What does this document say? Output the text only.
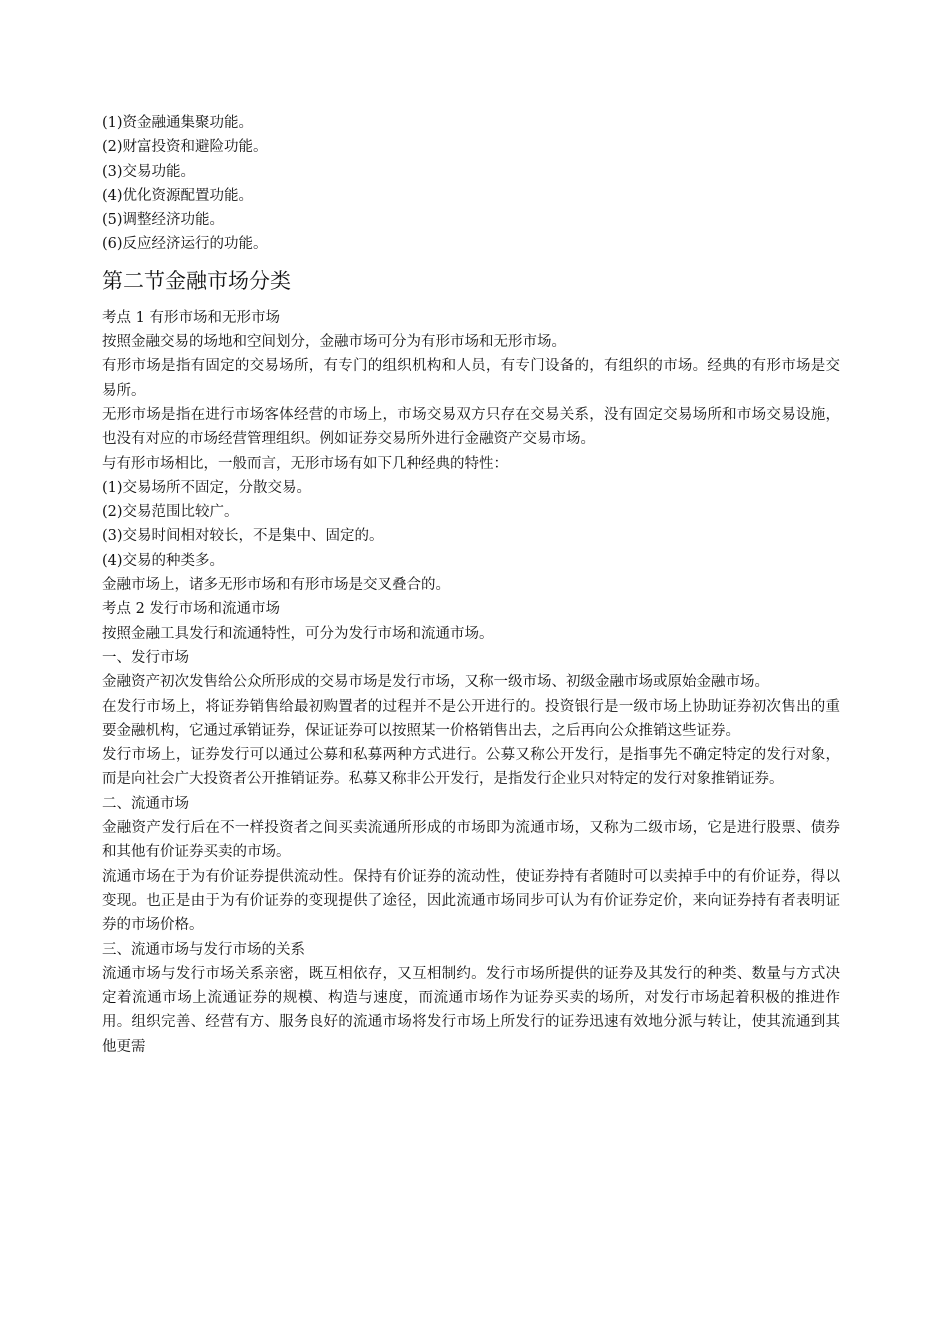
(1)资金融通集聚功能。

(2)财富投资和避险功能。

(3)交易功能。

(4)优化资源配置功能。

(5)调整经济功能。

(6)反应经济运行的功能。

第二节金融市场分类

考点 1 有形市场和无形市场

按照金融交易的场地和空间划分，金融市场可分为有形市场和无形市场。

有形市场是指有固定的交易场所，有专门的组织机构和人员，有专门设备的，有组织的市场。经典的有形市场是交易所。

无形市场是指在进行市场客体经营的市场上，市场交易双方只存在交易关系，没有固定交易场所和市场交易设施，也没有对应的市场经营管理组织。例如证券交易所外进行金融资产交易市场。

与有形市场相比，一般而言，无形市场有如下几种经典的特性：

(1)交易场所不固定，分散交易。

(2)交易范围比较广。

(3)交易时间相对较长，不是集中、固定的。

(4)交易的种类多。

金融市场上，诸多无形市场和有形市场是交叉叠合的。

考点 2 发行市场和流通市场

按照金融工具发行和流通特性，可分为发行市场和流通市场。

一、发行市场

金融资产初次发售给公众所形成的交易市场是发行市场，又称一级市场、初级金融市场或原始金融市场。

在发行市场上，将证券销售给最初购置者的过程并不是公开进行的。投资银行是一级市场上协助证券初次售出的重要金融机构，它通过承销证券，保证证券可以按照某一价格销售出去，之后再向公众推销这些证券。

发行市场上，证券发行可以通过公募和私募两种方式进行。公募又称公开发行，是指事先不确定特定的发行对象，而是向社会广大投资者公开推销证券。私募又称非公开发行，是指发行企业只对特定的发行对象推销证券。

二、流通市场

金融资产发行后在不一样投资者之间买卖流通所形成的市场即为流通市场，又称为二级市场，它是进行股票、债券和其他有价证券买卖的市场。

流通市场在于为有价证券提供流动性。保持有价证券的流动性，使证券持有者随时可以卖掉手中的有价证券，得以变现。也正是由于为有价证券的变现提供了途径，因此流通市场同步可认为有价证券定价，来向证券持有者表明证券的市场价格。

三、流通市场与发行市场的关系

流通市场与发行市场关系亲密，既互相依存，又互相制约。发行市场所提供的证券及其发行的种类、数量与方式决定着流通市场上流通证券的规模、构造与速度，而流通市场作为证券买卖的场所，对发行市场起着积极的推进作用。组织完善、经营有方、服务良好的流通市场将发行市场上所发行的证券迅速有效地分派与转让，使其流通到其他更需
